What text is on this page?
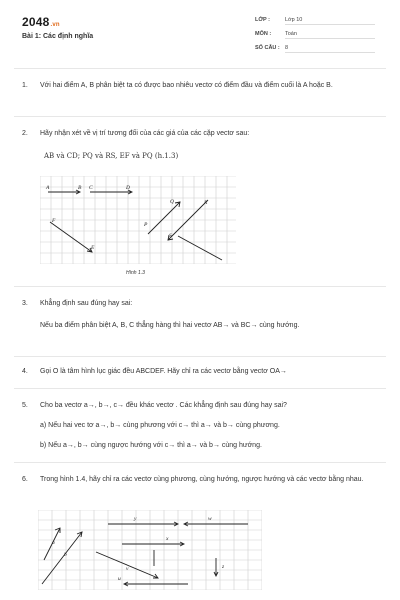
2048.vn
Bài 1: Các định nghĩa
LỚP :	Lớp 10
MÔN :	Toán
SỐ CÂU : 8
1.	Với hai điểm A, B phân biệt ta có được bao nhiêu vectơ có điểm đầu và điểm cuối là A hoặc B.
2.	Hãy nhận xét về vị trí tương đối của các giá của các cặp vectơ sau:
AB và CD; PQ và RS, EF và PQ (h.1.3)
A	B C	D
F
E
P
Q	R
S
Hình 1.3
3.	Khẳng định sau đúng hay sai:
Nếu ba điểm phân biệt A, B, C thẳng hàng thì hai vectơ AB→ và BC→ cùng hướng.
4.	Gọi O là tâm hình lục giác đều ABCDEF. Hãy chỉ ra các vectơ bằng vectơ OA→
5.	Cho ba vectơ a→, b→, c→ đều khác vectơ . Các khẳng định sau đúng hay sai?
a) Nếu hai vec tơ a→, b→ cùng phương với c→ thì a→ và b→ cùng phương.
b) Nếu a→, b→ cùng ngược hướng với c→ thì a→ và b→ cùng hướng.
6.	Trong hình 1.4, hãy chỉ ra các vectơ cùng phương, cùng hướng, ngược hướng và các vectơ bằng nhau.
a
b
y	w
x
v	z
u
